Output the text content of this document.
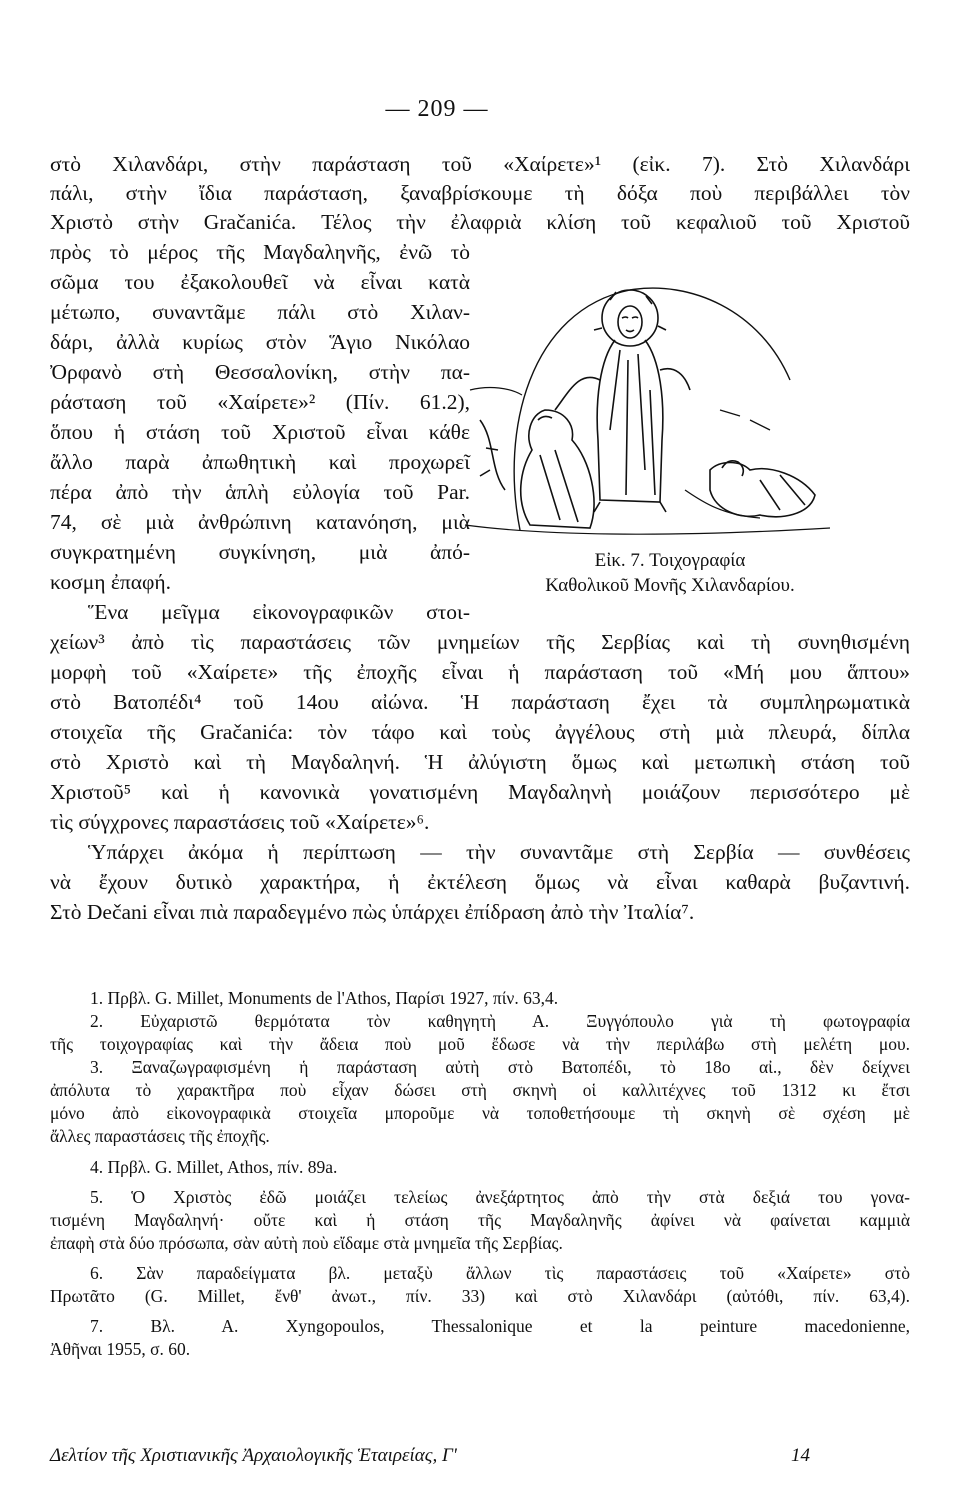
— 209 —
στὸ Χιλανδάρι, στὴν παράσταση τοῦ «Χαίρετε»¹ (εἰκ. 7). Στὸ Χιλανδάρι
πάλι, στὴν ἴδια παράσταση, ξαναβρίσκουμε τὴ δόξα ποὺ περιβάλλει τὸν
Χριστὸ στὴν Gračanića. Τέλος τὴν ἐλαφριὰ κλίση τοῦ κεφαλιοῦ τοῦ Χριστοῦ
πρὸς τὸ μέρος τῆς Μαγδαληνῆς, ἐνῶ τὸ
σῶμα του ἐξακολουθεῖ νὰ εἶναι κατὰ
μέτωπο, συναντᾶμε πάλι στὸ Χιλαν-
δάρι, ἀλλὰ κυρίως στὸν Ἅγιο Νικόλαο
Ὀρφανὸ στὴ Θεσσαλονίκη, στὴν πα-
ράσταση τοῦ «Χαίρετε»² (Πίν. 61.2),
ὅπου ἡ στάση τοῦ Χριστοῦ εἶναι κάθε
ἄλλο παρὰ ἀπωθητικὴ καὶ προχωρεῖ
πέρα ἀπὸ τὴν ἁπλὴ εὐλογία τοῦ Par.
74, σὲ μιὰ ἀνθρώπινη κατανόηση, μιὰ
συγκρατημένη συγκίνηση, μιὰ ἀπό-
κοσμη ἐπαφή.
Ἕνα μεῖγμα εἰκονογραφικῶν στοι-
χείων³ ἀπὸ τὶς παραστάσεις τῶν μνημείων τῆς Σερβίας καὶ τὴ συνηθισμένη
μορφὴ τοῦ «Χαίρετε» τῆς ἐποχῆς εἶναι ἡ παράσταση τοῦ «Μή μου ἅπτου»
στὸ Βατοπέδι⁴ τοῦ 14ου αἰώνα. Ἡ παράσταση ἔχει τὰ συμπληρωματικὰ
στοιχεῖα τῆς Gračanića: τὸν τάφο καὶ τοὺς ἀγγέλους στὴ μιὰ πλευρά, δίπλα
στὸ Χριστὸ καὶ τὴ Μαγδαληνή. Ἡ ἀλύγιστη ὅμως καὶ μετωπικὴ στάση τοῦ
Χριστοῦ⁵ καὶ ἡ κανονικὰ γονατισμένη Μαγδαληνὴ μοιάζουν περισσότερο μὲ
τὶς σύγχρονες παραστάσεις τοῦ «Χαίρετε»⁶.
Ὑπάρχει ἀκόμα ἡ περίπτωση — τὴν συναντᾶμε στὴ Σερβία — συνθέσεις
νὰ ἔχουν δυτικὸ χαρακτήρα, ἡ ἐκτέλεση ὅμως νὰ εἶναι καθαρὰ βυζαντινή.
Στὸ Dečani εἶναι πιὰ παραδεγμένο πὼς ὑπάρχει ἐπίδραση ἀπὸ τὴν Ἰταλία⁷.
Εἰκ. 7. Τοιχογραφία
Καθολικοῦ Μονῆς Χιλανδαρίου.
1. Πρβλ. G. Millet, Monuments de l'Athos, Παρίσι 1927, πίν. 63,4.
2. Εὐχαριστῶ θερμότατα τὸν καθηγητὴ Α. Ξυγγόπουλο γιὰ τὴ φωτογραφία
τῆς τοιχογραφίας καὶ τὴν ἄδεια ποὺ μοῦ ἔδωσε νὰ τὴν περιλάβω στὴ μελέτη μου.
3. Ξαναζωγραφισμένη ἡ παράσταση αὐτὴ στὸ Βατοπέδι, τὸ 18ο αἰ., δὲν δείχνει
ἀπόλυτα τὸ χαρακτῆρα ποὺ εἶχαν δώσει στὴ σκηνὴ οἱ καλλιτέχνες τοῦ 1312 κι ἔτσι
μόνο ἀπὸ εἰκονογραφικὰ στοιχεῖα μποροῦμε νὰ τοποθετήσουμε τὴ σκηνὴ σὲ σχέση μὲ
ἄλλες παραστάσεις τῆς ἐποχῆς.
4. Πρβλ. G. Millet, Athos, πίν. 89a.
5. Ὁ Χριστὸς ἐδῶ μοιάζει τελείως ἀνεξάρτητος ἀπὸ τὴν στὰ δεξιά του γονα-
τισμένη Μαγδαληνή· οὔτε καὶ ἡ στάση τῆς Μαγδαληνῆς ἀφίνει νὰ φαίνεται καμμιὰ
ἐπαφὴ στὰ δύο πρόσωπα, σὰν αὐτὴ ποὺ εἴδαμε στὰ μνημεῖα τῆς Σερβίας.
6. Σὰν παραδείγματα βλ. μεταξὺ ἄλλων τὶς παραστάσεις τοῦ «Χαίρετε» στὸ
Πρωτᾶτο (G. Millet, ἔνθ' ἀνωτ., πίν. 33) καὶ στὸ Χιλανδάρι (αὐτόθι, πίν. 63,4).
7. Βλ. Α. Xyngopoulos, Thessalonique et la peinture macedonienne,
Ἀθῆναι 1955, σ. 60.
Δελτίον τῆς Χριστιανικῆς Ἀρχαιολογικῆς Ἑταιρείας, Γ'	14
